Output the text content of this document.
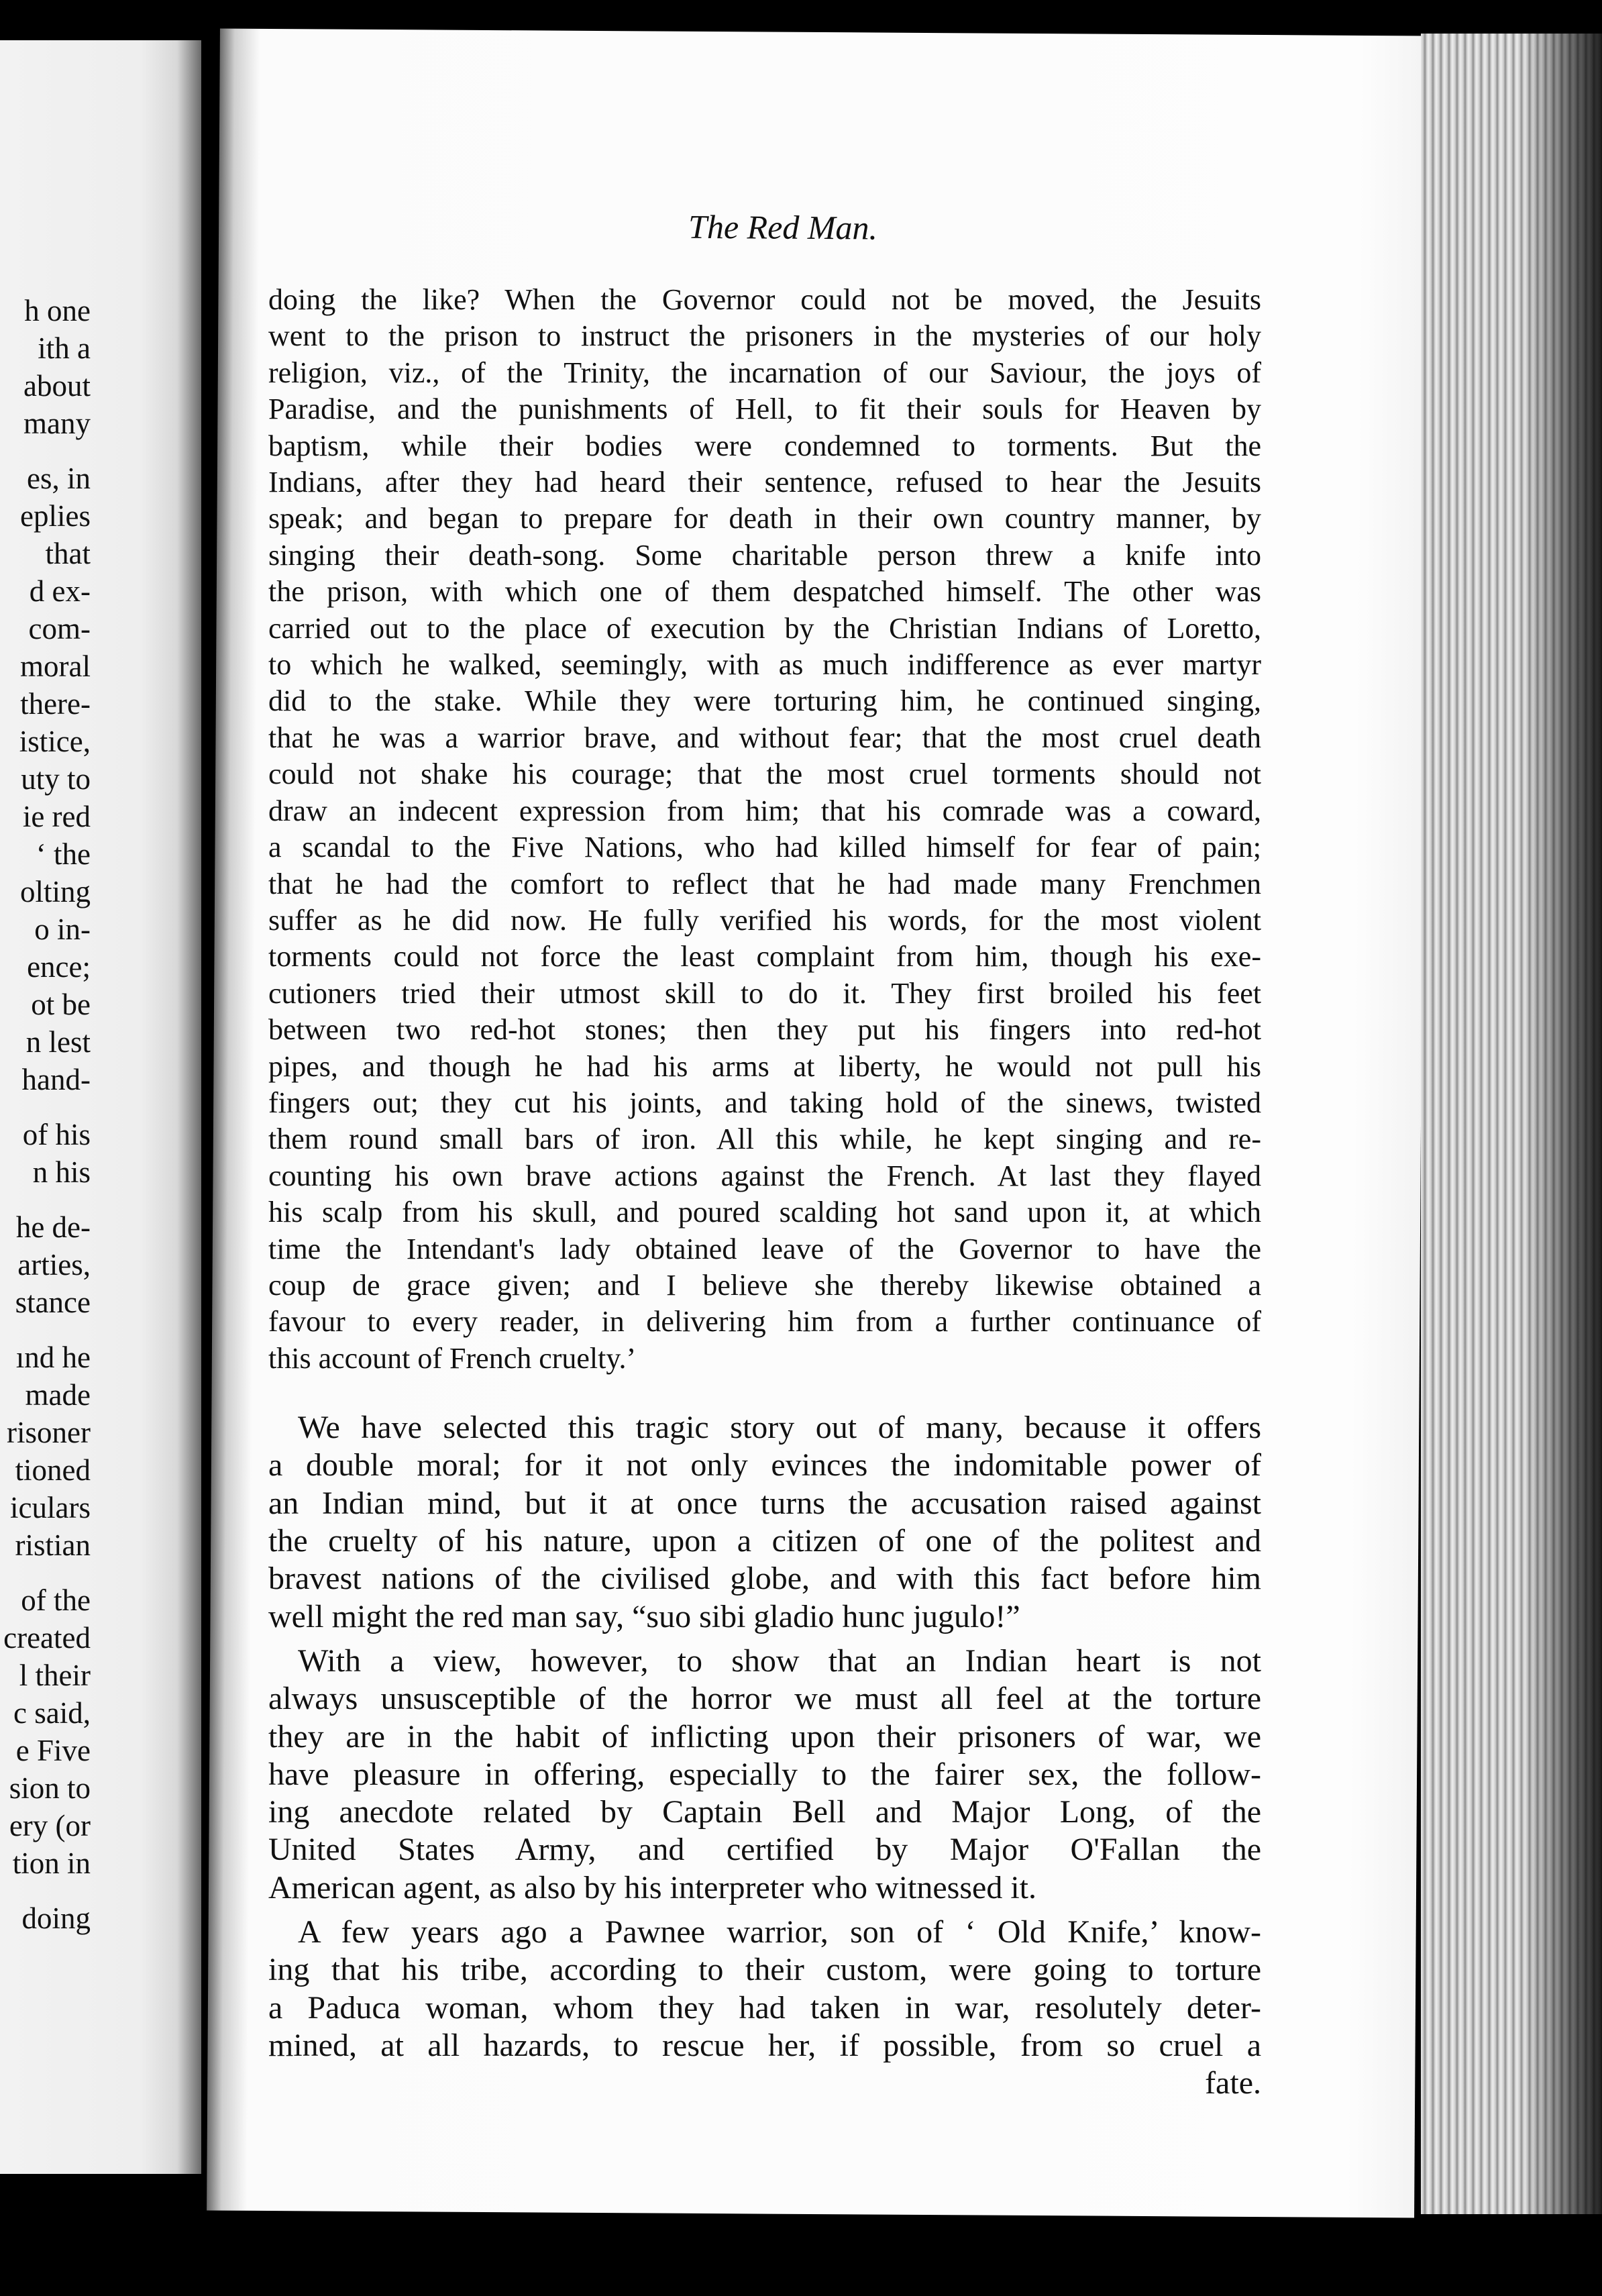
h one
ith a
about
many
es, in
eplies
that
d ex-
com-
moral
there-
istice,
uty to
ie red
‘ the
olting
o in-
ence;
ot be
n lest
hand-
of his
n his
he de-
arties,
stance
ınd he
made
risoner
tioned
iculars
ristian
of the
created
l their
c said,
e Five
sion to
ery (or
tion in
doing
The Red Man.
doing the like? When the Governor could not be moved, the Jesuits
went to the prison to instruct the prisoners in the mysteries of our holy
religion, viz., of the Trinity, the incarnation of our Saviour, the joys of
Paradise, and the punishments of Hell, to fit their souls for Heaven by
baptism, while their bodies were condemned to torments. But the
Indians, after they had heard their sentence, refused to hear the Jesuits
speak; and began to prepare for death in their own country manner, by
singing their death-song. Some charitable person threw a knife into
the prison, with which one of them despatched himself. The other was
carried out to the place of execution by the Christian Indians of Loretto,
to which he walked, seemingly, with as much indifference as ever martyr
did to the stake. While they were torturing him, he continued singing,
that he was a warrior brave, and without fear; that the most cruel death
could not shake his courage; that the most cruel torments should not
draw an indecent expression from him; that his comrade was a coward,
a scandal to the Five Nations, who had killed himself for fear of pain;
that he had the comfort to reflect that he had made many Frenchmen
suffer as he did now. He fully verified his words, for the most violent
torments could not force the least complaint from him, though his exe-
cutioners tried their utmost skill to do it. They first broiled his feet
between two red-hot stones; then they put his fingers into red-hot
pipes, and though he had his arms at liberty, he would not pull his
fingers out; they cut his joints, and taking hold of the sinews, twisted
them round small bars of iron. All this while, he kept singing and re-
counting his own brave actions against the French. At last they flayed
his scalp from his skull, and poured scalding hot sand upon it, at which
time the Intendant's lady obtained leave of the Governor to have the
coup de grace given; and I believe she thereby likewise obtained a
favour to every reader, in delivering him from a further continuance of
this account of French cruelty.’
We have selected this tragic story out of many, because it offers
a double moral; for it not only evinces the indomitable power of
an Indian mind, but it at once turns the accusation raised against
the cruelty of his nature, upon a citizen of one of the politest and
bravest nations of the civilised globe, and with this fact before him
well might the red man say, “suo sibi gladio hunc jugulo!”
With a view, however, to show that an Indian heart is not
always unsusceptible of the horror we must all feel at the torture
they are in the habit of inflicting upon their prisoners of war, we
have pleasure in offering, especially to the fairer sex, the follow-
ing anecdote related by Captain Bell and Major Long, of the
United States Army, and certified by Major O'Fallan the
American agent, as also by his interpreter who witnessed it.
A few years ago a Pawnee warrior, son of ‘ Old Knife,’ know-
ing that his tribe, according to their custom, were going to torture
a Paduca woman, whom they had taken in war, resolutely deter-
mined, at all hazards, to rescue her, if possible, from so cruel a
fate.
